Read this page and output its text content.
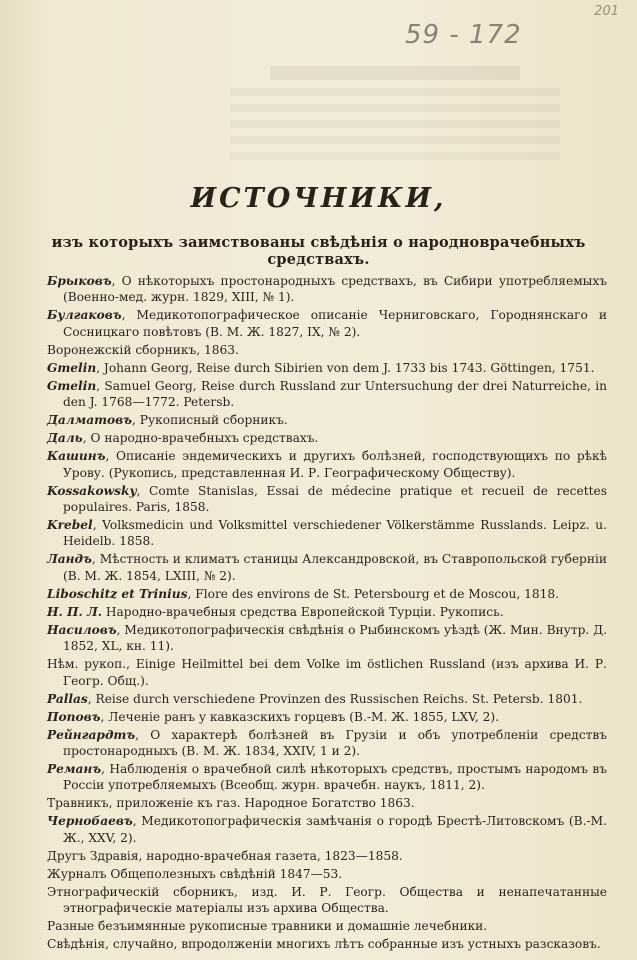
201
59 - 172
ИСТОЧНИКИ,
изъ которыхъ заимствованы свѣдѣнія о народноврачебныхъ средствахъ.
Брыковъ, О нѣкоторыхъ простонародныхъ средствахъ, въ Сибири употребляемыхъ (Военно-мед. журн. 1829, XIII, № 1).
Булгаковъ, Медикотопографическое описаніе Черниговскаго, Городнянскаго и Сосницкаго повѣтовъ (В. М. Ж. 1827, IX, № 2).
Воронежскій сборникъ, 1863.
Gmelin, Johann Georg, Reise durch Sibirien von dem J. 1733 bis 1743. Göttingen, 1751.
Gmelin, Samuel Georg, Reise durch Russland zur Untersuchung der drei Naturreiche, in den J. 1768—1772. Petersb.
Далматовъ, Рукописный сборникъ.
Даль, О народно-врачебныхъ средствахъ.
Кашинъ, Описаніе эндемическихъ и другихъ болѣзней, господствующихъ по рѣкѣ Урову. (Рукопись, представленная И. Р. Географическому Обществу).
Kossakowsky, Comte Stanislas, Essai de médecine pratique et recueil de recettes populaires. Paris, 1858.
Krebel, Volksmedicin und Volksmittel verschiedener Völkerstämme Russlands. Leipz. u. Heidelb. 1858.
Ландъ, Мѣстность и климатъ станицы Александровской, въ Ставропольской губерніи (В. М. Ж. 1854, LXIII, № 2).
Liboschitz et Trinius, Flore des environs de St. Petersbourg et de Moscou, 1818.
Н. П. Л. Народно-врачебныя средства Европейской Турціи. Рукопись.
Насиловъ, Медикотопографическія свѣдѣнія о Рыбинскомъ уѣздѣ (Ж. Мин. Внутр. Д. 1852, XL, кн. 11).
Нѣм. рукоп., Einige Heilmittel bei dem Volke im östlichen Russland (изъ архива И. Р. Геогр. Общ.).
Pallas, Reise durch verschiedene Provinzen des Russischen Reichs. St. Petersb. 1801.
Поповъ, Леченіе ранъ у кавказскихъ горцевъ (В.-М. Ж. 1855, LXV, 2).
Рейнгардтъ, О характерѣ болѣзней въ Грузіи и объ употребленіи средствъ простонародныхъ (В. М. Ж. 1834, XXIV, 1 и 2).
Реманъ, Наблюденія о врачебной силѣ нѣкоторыхъ средствъ, простымъ народомъ въ Россіи употребляемыхъ (Всеобщ. журн. врачебн. наукъ, 1811, 2).
Травникъ, приложеніе къ газ. Народное Богатство 1863.
Чернобаевъ, Медикотопографическія замѣчанія о городѣ Брестѣ-Литовскомъ (В.-М. Ж., XXV, 2).
Другъ Здравія, народно-врачебная газета, 1823—1858.
Журналъ Общеполезныхъ свѣдѣній 1847—53.
Этнографическій сборникъ, изд. И. Р. Геогр. Общества и ненапечатанные этнографическіе матеріалы изъ архива Общества.
Разные безъимянные рукописные травники и домашніе лечебники.
Свѣдѣнія, случайно, впродолженіи многихъ лѣтъ собранные изъ устныхъ разсказовъ.
